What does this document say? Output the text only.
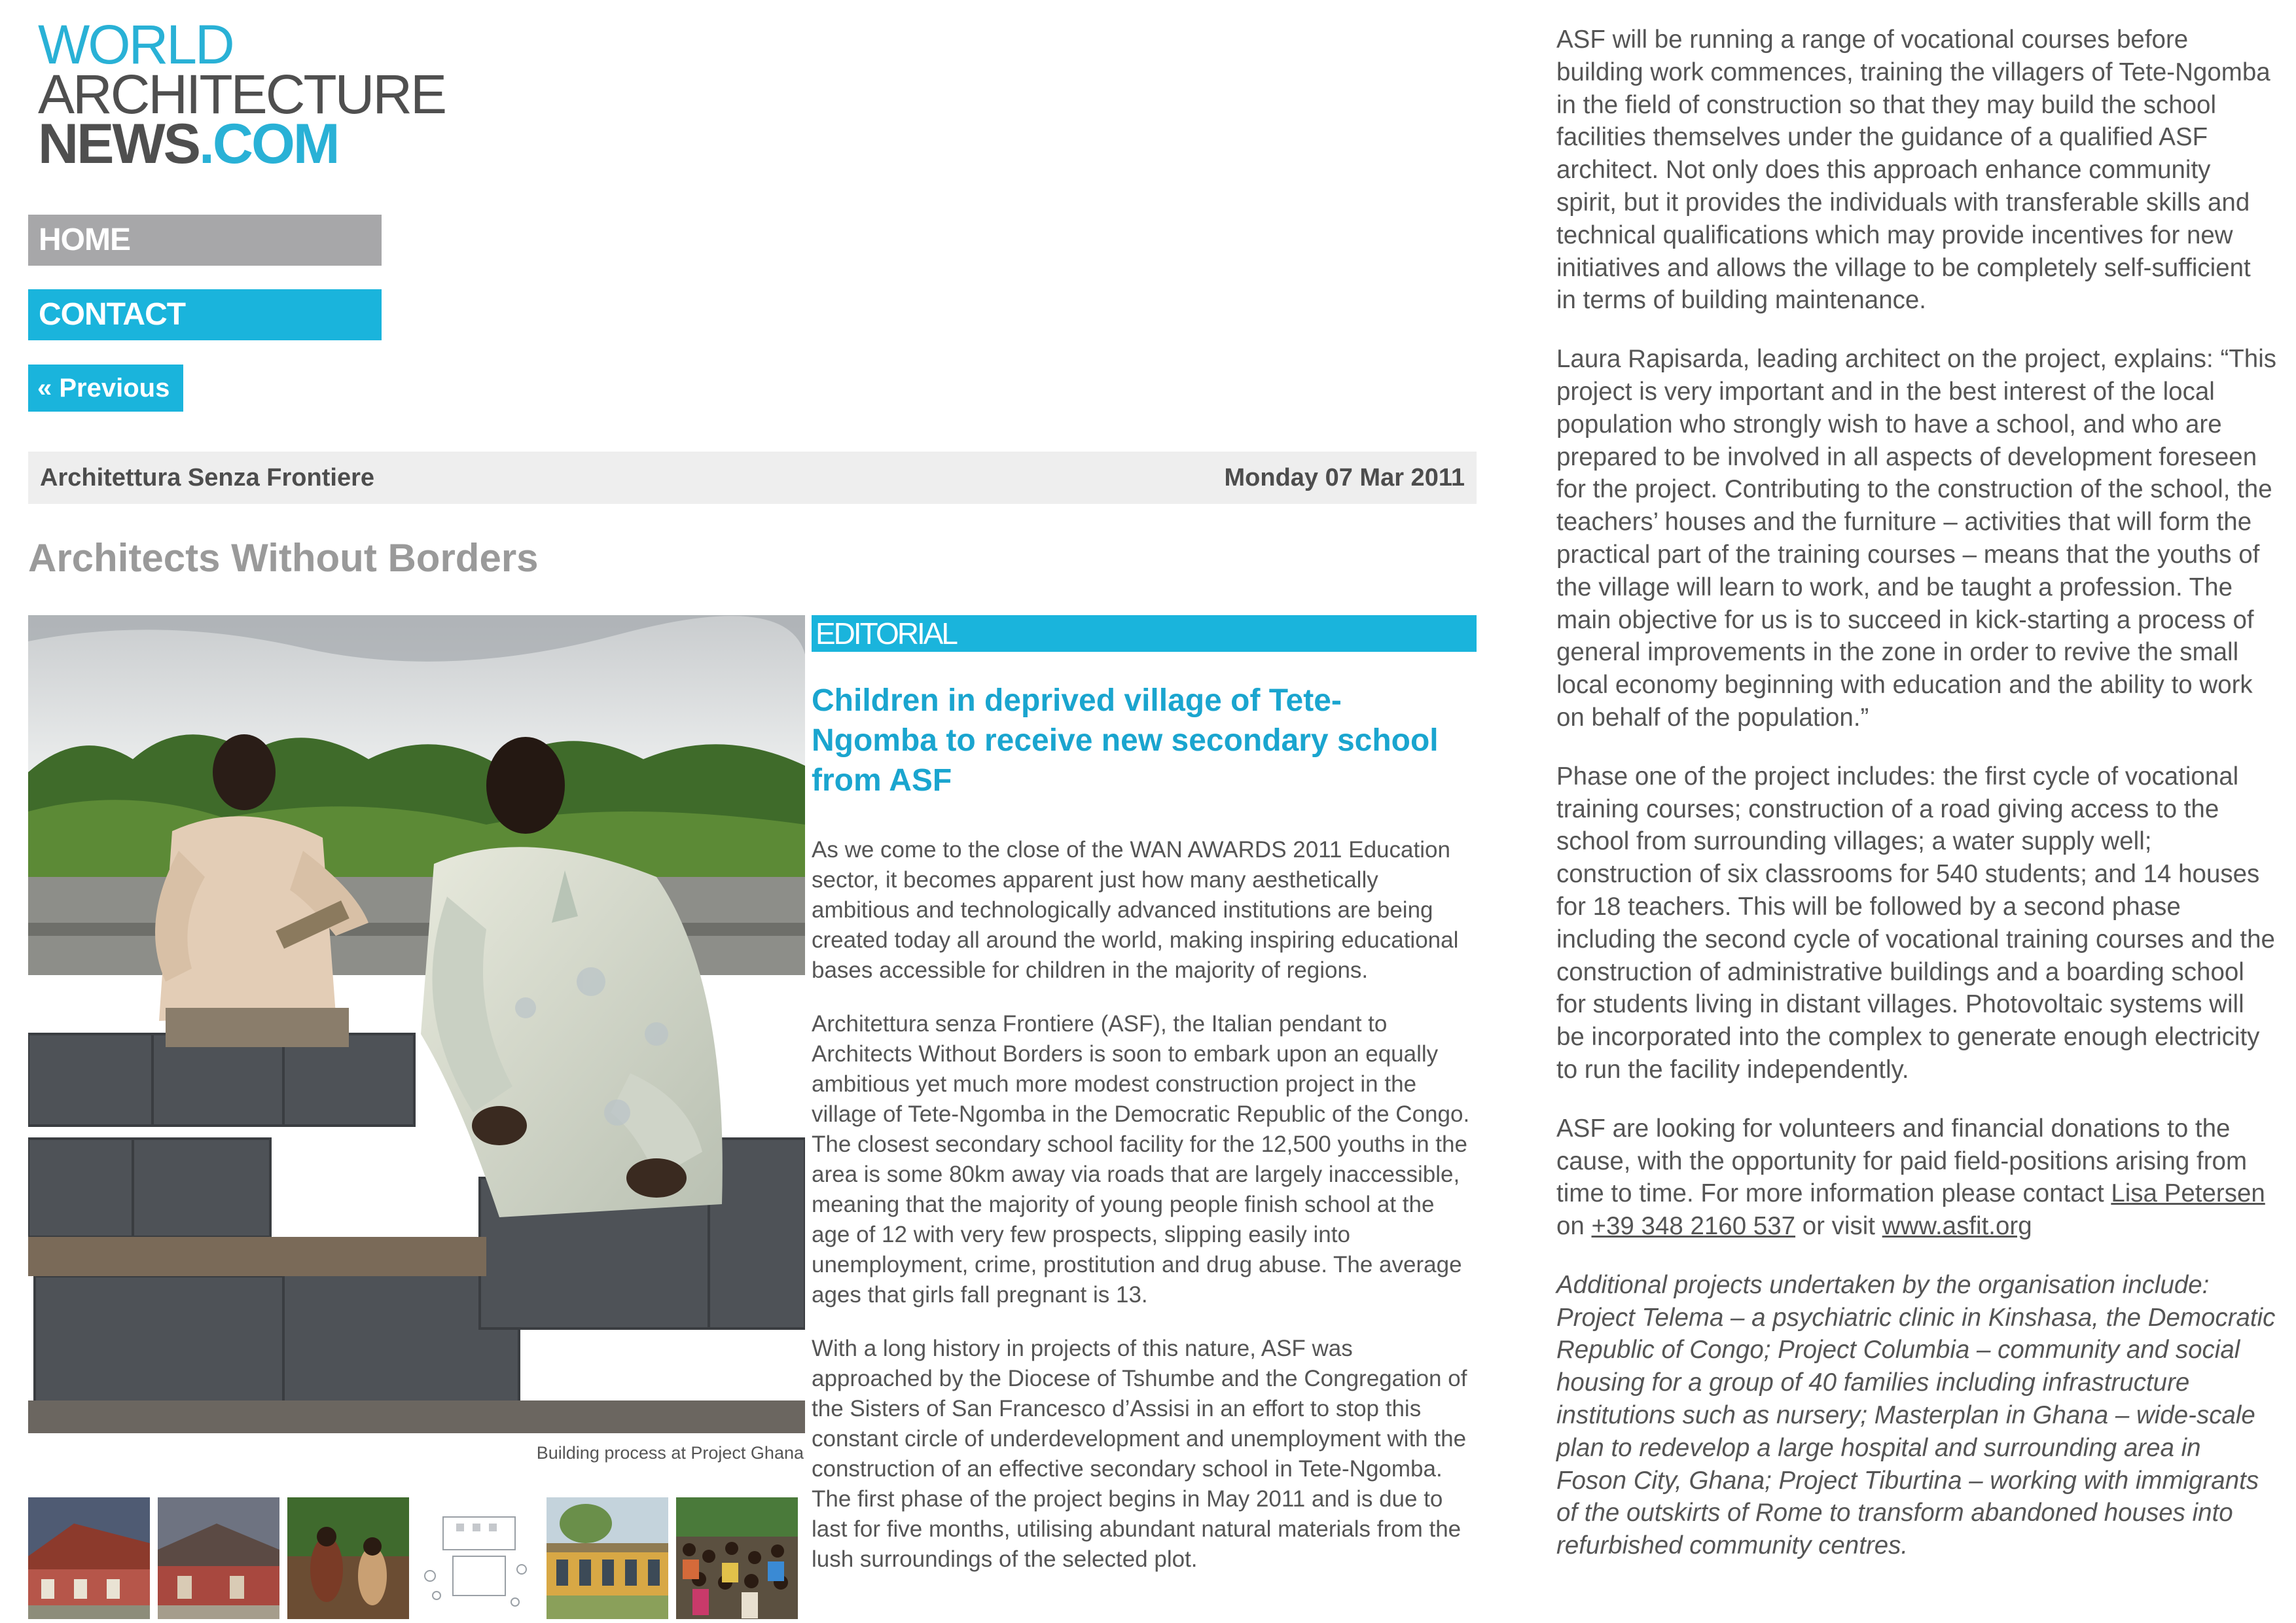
WORLD
ARCHITECTURE
NEWS.COM
HOME
CONTACT
« Previous
Architettura Senza Frontiere	Monday 07 Mar 2011
Architects Without Borders
Building process at Project Ghana
EDITORIAL
Children in deprived village of Tete-Ngomba to receive new secondary school from ASF

As we come to the close of the WAN AWARDS 2011 Education sector, it becomes apparent just how many aesthetically ambitious and technologically advanced institutions are being created today all around the world, making inspiring educational bases accessible for children in the majority of regions.

Architettura senza Frontiere (ASF), the Italian pendant to Architects Without Borders is soon to embark upon an equally ambitious yet much more modest construction project in the village of Tete-Ngomba in the Democratic Republic of the Congo. The closest secondary school facility for the 12,500 youths in the area is some 80km away via roads that are largely inaccessible, meaning that the majority of young people finish school at the age of 12 with very few prospects, slipping easily into unemployment, crime, prostitution and drug abuse. The average ages that girls fall pregnant is 13.

With a long history in projects of this nature, ASF was approached by the Diocese of Tshumbe and the Congregation of the Sisters of San Francesco d’Assisi in an effort to stop this constant circle of underdevelopment and unemployment with the construction of an effective secondary school in Tete-Ngomba. The first phase of the project begins in May 2011 and is due to last for five months, utilising abundant natural materials from the lush surroundings of the selected plot.

ASF will be running a range of vocational courses before building work commences, training the villagers of Tete-Ngomba in the field of construction so that they may build the school facilities themselves under the guidance of a qualified ASF architect. Not only does this approach enhance community spirit, but it provides the individuals with transferable skills and technical qualifications which may provide incentives for new initiatives and allows the village to be completely self-sufficient in terms of building maintenance.

Laura Rapisarda, leading architect on the project, explains: “This project is very important and in the best interest of the local population who strongly wish to have a school, and who are prepared to be involved in all aspects of development foreseen for the project. Contributing to the construction of the school, the teachers’ houses and the furniture – activities that will form the practical part of the training courses – means that the youths of the village will learn to work, and be taught a profession. The main objective for us is to succeed in kick-starting a process of general improvements in the zone in order to revive the small local economy beginning with education and the ability to work on behalf of the population.”

Phase one of the project includes: the first cycle of vocational training courses; construction of a road giving access to the school from surrounding villages; a water supply well; construction of six classrooms for 540 students; and 14 houses for 18 teachers. This will be followed by a second phase including the second cycle of vocational training courses and the construction of administrative buildings and a boarding school for students living in distant villages. Photovoltaic systems will be incorporated into the complex to generate enough electricity to run the facility independently.

ASF are looking for volunteers and financial donations to the cause, with the opportunity for paid field-positions arising from time to time. For more information please contact Lisa Petersen on +39 348 2160 537 or visit www.asfit.org

Additional projects undertaken by the organisation include: Project Telema – a psychiatric clinic in Kinshasa, the Democratic Republic of Congo; Project Columbia – community and social housing for a group of 40 families including infrastructure institutions such as nursery; Masterplan in Ghana – wide-scale plan to redevelop a large hospital and surrounding area in Foson City, Ghana; Project Tiburtina – working with immigrants of the outskirts of Rome to transform abandoned houses into refurbished community centres.
